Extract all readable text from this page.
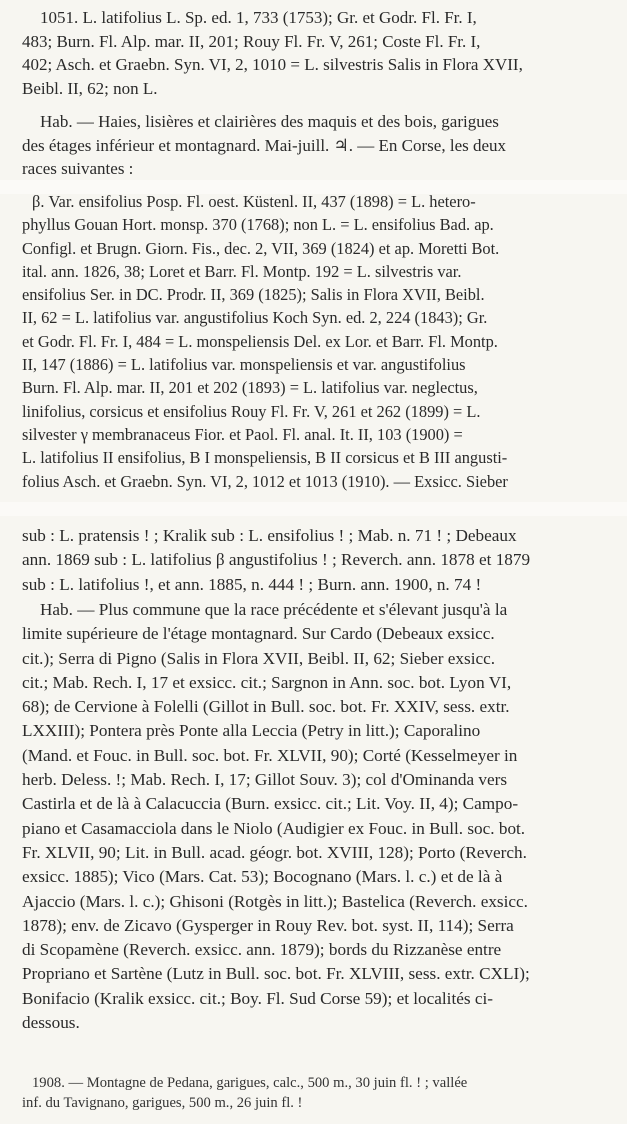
1051. L. latifolius L. Sp. ed. 1, 733 (1753); Gr. et Godr. Fl. Fr. I,
483; Burn. Fl. Alp. mar. II, 201; Rouy Fl. Fr. V, 261; Coste Fl. Fr. I,
402; Asch. et Graebn. Syn. VI, 2, 1010 = L. silvestris Salis in Flora XVII,
Beibl. II, 62; non L.
Hab. — Haies, lisières et clairières des maquis et des bois, garigues
des étages inférieur et montagnard. Mai-juill. ♃. — En Corse, les deux
races suivantes :
β. Var. ensifolius Posp. Fl. oest. Küstenl. II, 437 (1898) = L. hetero-
phyllus Gouan Hort. monsp. 370 (1768); non L. = L. ensifolius Bad. ap.
Configl. et Brugn. Giorn. Fis., dec. 2, VII, 369 (1824) et ap. Moretti Bot.
ital. ann. 1826, 38; Loret et Barr. Fl. Montp. 192 = L. silvestris var.
ensifolius Ser. in DC. Prodr. II, 369 (1825); Salis in Flora XVII, Beibl.
II, 62 = L. latifolius var. angustifolius Koch Syn. ed. 2, 224 (1843); Gr.
et Godr. Fl. Fr. I, 484 = L. monspeliensis Del. ex Lor. et Barr. Fl. Montp.
II, 147 (1886) = L. latifolius var. monspeliensis et var. angustifolius
Burn. Fl. Alp. mar. II, 201 et 202 (1893) = L. latifolius var. neglectus,
linifolius, corsicus et ensifolius Rouy Fl. Fr. V, 261 et 262 (1899) = L.
silvester γ membranaceus Fior. et Paol. Fl. anal. It. II, 103 (1900) =
L. latifolius II ensifolius, B I monspeliensis, B II corsicus et B III angusti-
folius Asch. et Graebn. Syn. VI, 2, 1012 et 1013 (1910). — Exsicc. Sieber
sub : L. pratensis ! ; Kralik sub : L. ensifolius ! ; Mab. n. 71 ! ; Debeaux
ann. 1869 sub : L. latifolius β angustifolius ! ; Reverch. ann. 1878 et 1879
sub : L. latifolius !, et ann. 1885, n. 444 ! ; Burn. ann. 1900, n. 74 !
Hab. — Plus commune que la race précédente et s'élevant jusqu'à la
limite supérieure de l'étage montagnard. Sur Cardo (Debeaux exsicc.
cit.); Serra di Pigno (Salis in Flora XVII, Beibl. II, 62; Sieber exsicc.
cit.; Mab. Rech. I, 17 et exsicc. cit.; Sargnon in Ann. soc. bot. Lyon VI,
68); de Cervione à Folelli (Gillot in Bull. soc. bot. Fr. XXIV, sess. extr.
LXXIII); Pontera près Ponte alla Leccia (Petry in litt.); Caporalino
(Mand. et Fouc. in Bull. soc. bot. Fr. XLVII, 90); Corté (Kesselmeyer in
herb. Deless. !; Mab. Rech. I, 17; Gillot Souv. 3); col d'Ominanda vers
Castirla et de là à Calacuccia (Burn. exsicc. cit.; Lit. Voy. II, 4); Campo-
piano et Casamacciola dans le Niolo (Audigier ex Fouc. in Bull. soc. bot.
Fr. XLVII, 90; Lit. in Bull. acad. géogr. bot. XVIII, 128); Porto (Reverch.
exsicc. 1885); Vico (Mars. Cat. 53); Bocognano (Mars. l. c.) et de là à
Ajaccio (Mars. l. c.); Ghisoni (Rotgès in litt.); Bastelica (Reverch. exsicc.
1878); env. de Zicavo (Gysperger in Rouy Rev. bot. syst. II, 114); Serra
di Scopamène (Reverch. exsicc. ann. 1879); bords du Rizzanèse entre
Propriano et Sartène (Lutz in Bull. soc. bot. Fr. XLVIII, sess. extr. CXLI);
Bonifacio (Kralik exsicc. cit.; Boy. Fl. Sud Corse 59); et localités ci-
dessous.
1908. — Montagne de Pedana, garigues, calc., 500 m., 30 juin fl. ! ; vallée
inf. du Tavignano, garigues, 500 m., 26 juin fl. !
